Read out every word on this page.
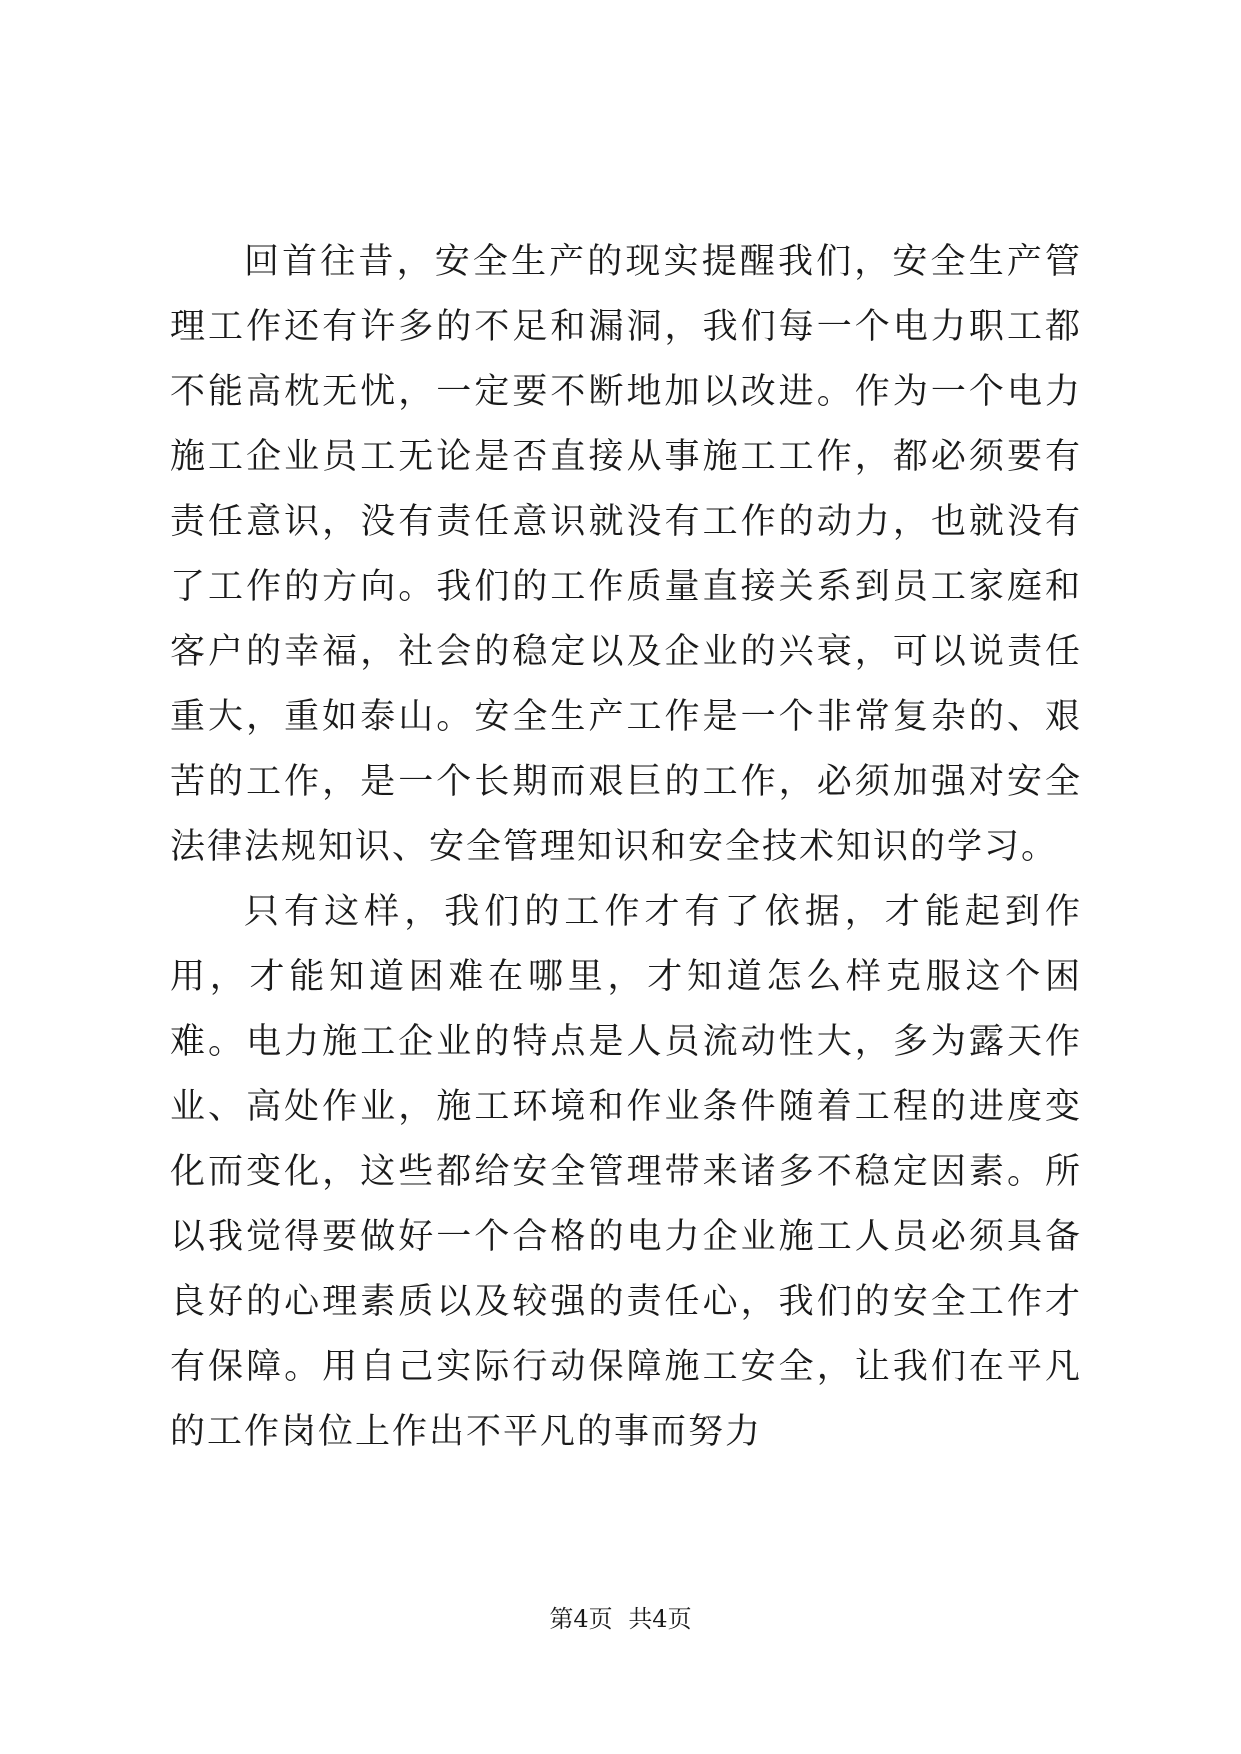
回首往昔，安全生产的现实提醒我们，安全生产管理工作还有许多的不足和漏洞，我们每一个电力职工都不能高枕无忧，一定要不断地加以改进。作为一个电力施工企业员工无论是否直接从事施工工作，都必须要有责任意识，没有责任意识就没有工作的动力，也就没有了工作的方向。我们的工作质量直接关系到员工家庭和客户的幸福，社会的稳定以及企业的兴衰，可以说责任重大，重如泰山。安全生产工作是一个非常复杂的、艰苦的工作，是一个长期而艰巨的工作，必须加强对安全法律法规知识、安全管理知识和安全技术知识的学习。

只有这样，我们的工作才有了依据，才能起到作用，才能知道困难在哪里，才知道怎么样克服这个困难。电力施工企业的特点是人员流动性大，多为露天作业、高处作业，施工环境和作业条件随着工程的进度变化而变化，这些都给安全管理带来诸多不稳定因素。所以我觉得要做好一个合格的电力企业施工人员必须具备良好的心理素质以及较强的责任心，我们的安全工作才有保障。用自己实际行动保障施工安全，让我们在平凡的工作岗位上作出不平凡的事而努力

第4页 共4页
